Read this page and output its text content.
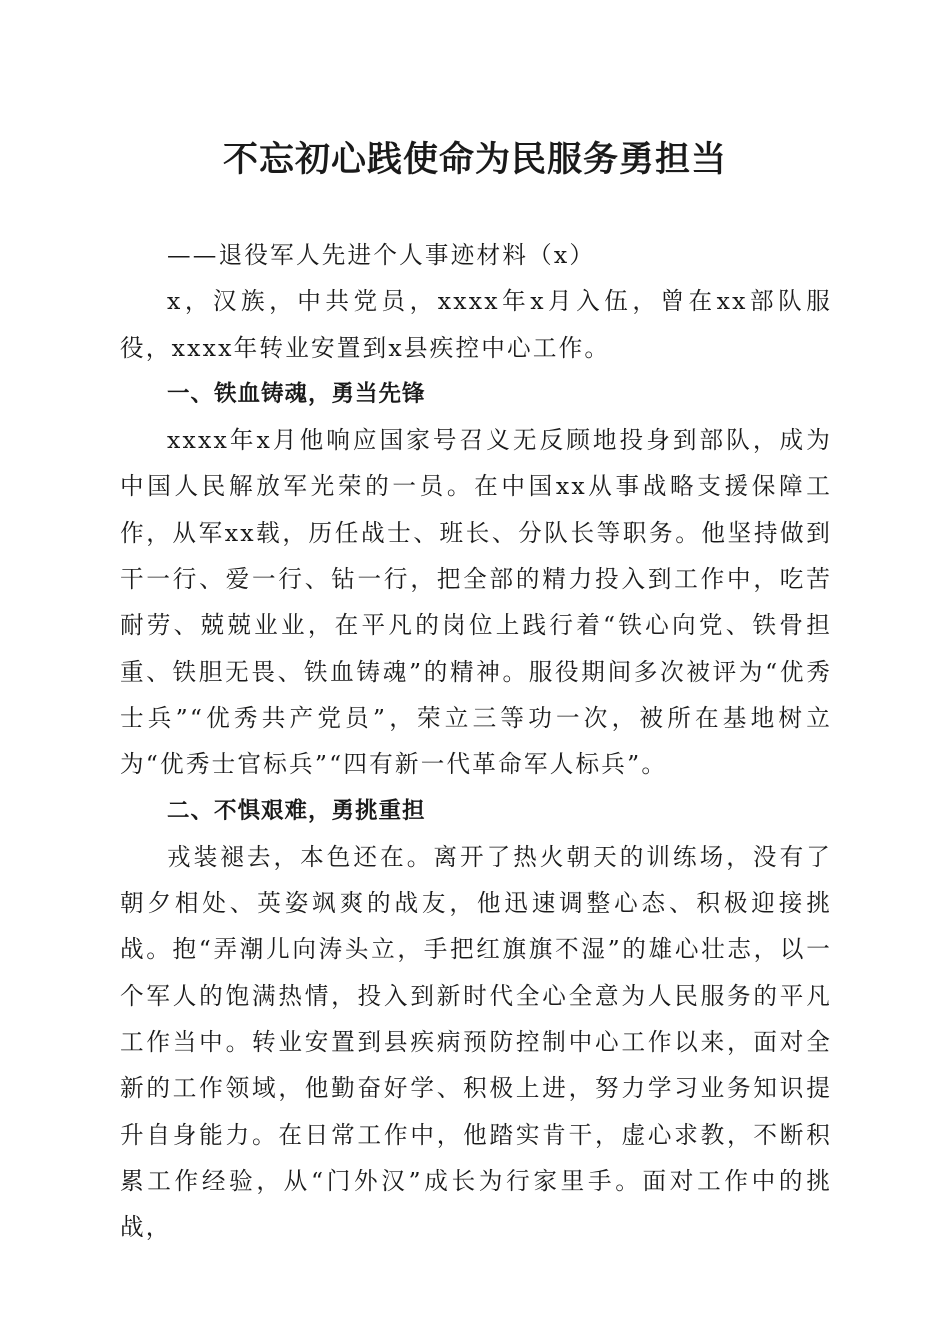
不忘初心践使命为民服务勇担当

——退役军人先进个人事迹材料（x）

x，汉族，中共党员，xxxx年x月入伍，曾在xx部队服役，xxxx年转业安置到x县疾控中心工作。

一、铁血铸魂，勇当先锋

xxxx年x月他响应国家号召义无反顾地投身到部队，成为中国人民解放军光荣的一员。在中国xx从事战略支援保障工作，从军xx载，历任战士、班长、分队长等职务。他坚持做到干一行、爱一行、钻一行，把全部的精力投入到工作中，吃苦耐劳、兢兢业业，在平凡的岗位上践行着“铁心向党、铁骨担重、铁胆无畏、铁血铸魂”的精神。服役期间多次被评为“优秀士兵”“优秀共产党员”，荣立三等功一次，被所在基地树立为“优秀士官标兵”“四有新一代革命军人标兵”。

二、不惧艰难，勇挑重担

戎装褪去，本色还在。离开了热火朝天的训练场，没有了朝夕相处、英姿飒爽的战友，他迅速调整心态、积极迎接挑战。抱“弄潮儿向涛头立，手把红旗旗不湿”的雄心壮志，以一个军人的饱满热情，投入到新时代全心全意为人民服务的平凡工作当中。转业安置到县疾病预防控制中心工作以来，面对全新的工作领域，他勤奋好学、积极上进，努力学习业务知识提升自身能力。在日常工作中，他踏实肯干，虚心求教，不断积累工作经验，从“门外汉”成长为行家里手。面对工作中的挑战，
